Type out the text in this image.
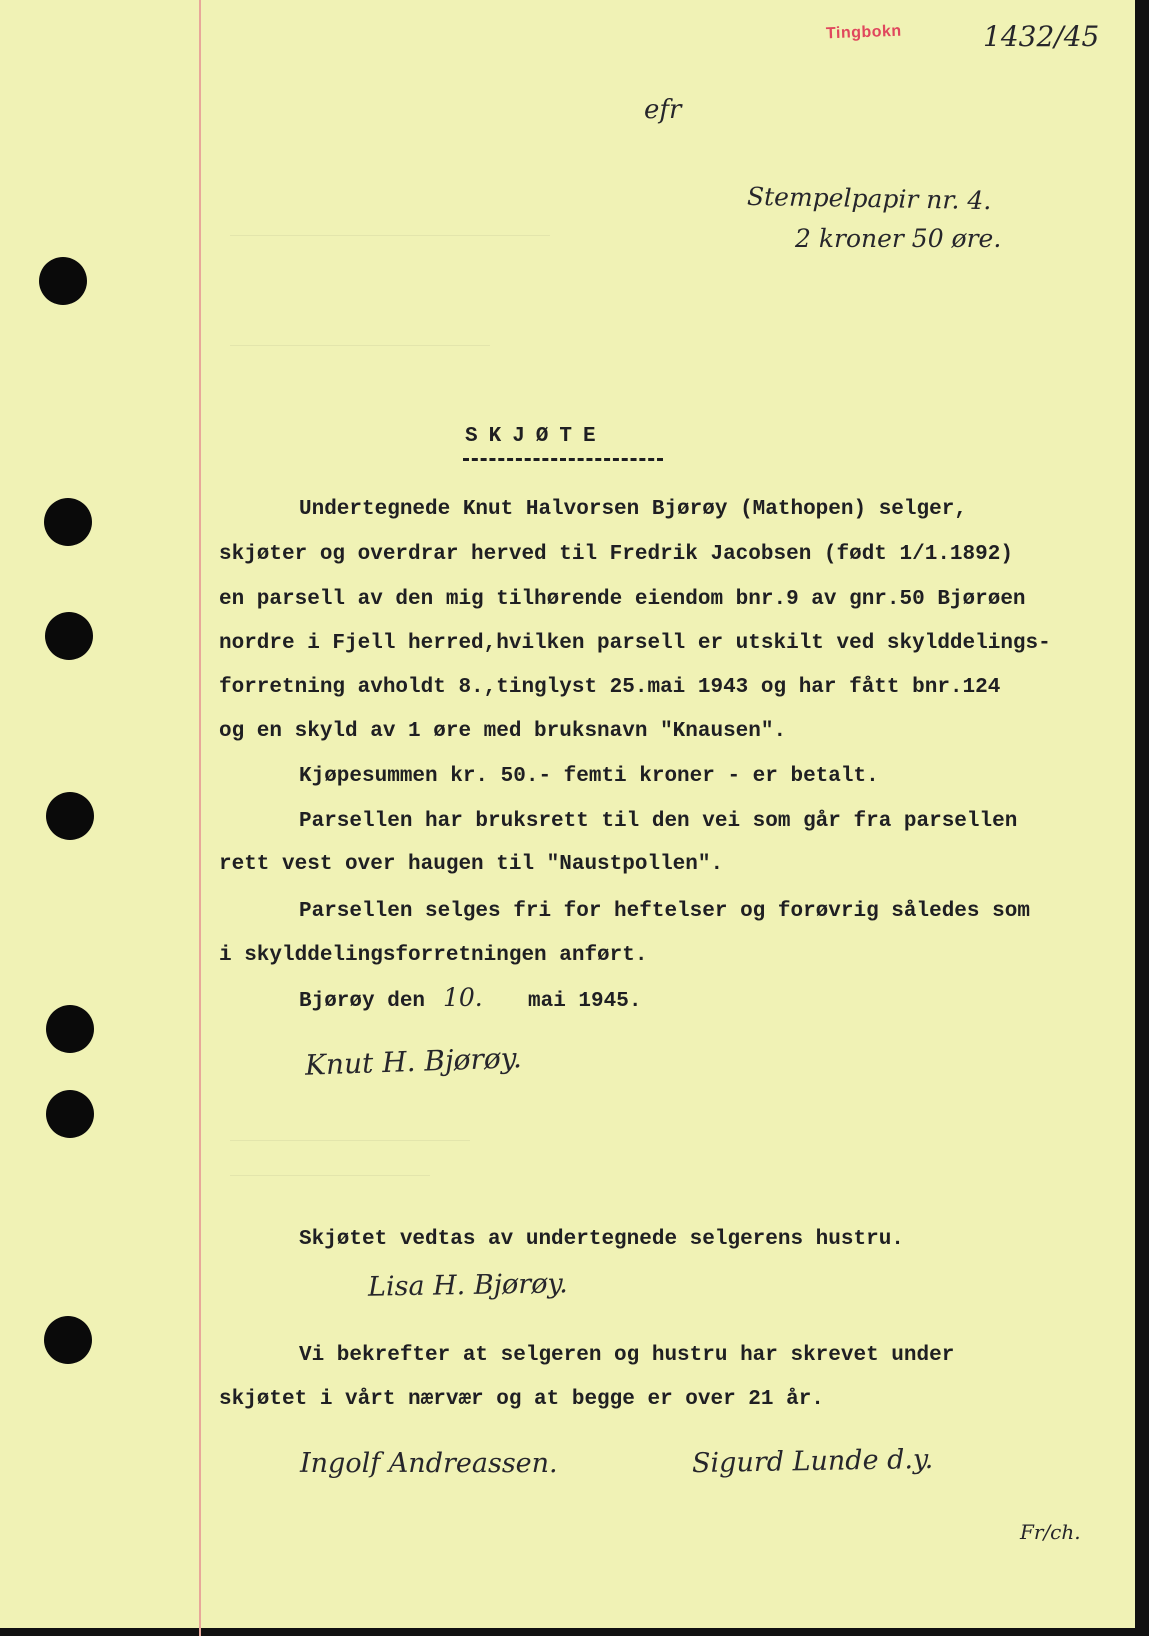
Tingbokn	1432/45
efr
Stempelpapir nr. 4.
2 kroner 50 øre.
SKJØTE
Undertegnede Knut Halvorsen Bjørøy (Mathopen) selger,
skjøter og overdrar herved til Fredrik Jacobsen (født 1/1.1892)
en parsell av den mig tilhørende eiendom bnr.9 av gnr.50 Bjørøen
nordre i Fjell herred,hvilken parsell er utskilt ved skylddelings-
forretning avholdt 8.,tinglyst 25.mai 1943 og har fått bnr.124
og en skyld av 1 øre med bruksnavn "Knausen".
Kjøpesummen kr. 50.- femti kroner - er betalt.
Parsellen har bruksrett til den vei som går fra parsellen
rett vest over haugen til "Naustpollen".
Parsellen selges fri for heftelser og forøvrig således som
i skylddelingsforretningen anført.
Bjørøy den 10. mai 1945.
Knut H. Bjørøy.
Skjøtet vedtas av undertegnede selgerens hustru.
Lisa H. Bjørøy.
Vi bekrefter at selgeren og hustru har skrevet under
skjøtet i vårt nærvær og at begge er over 21 år.
Ingolf Andreassen.	Sigurd Lunde d.y.
Fr/ch.
